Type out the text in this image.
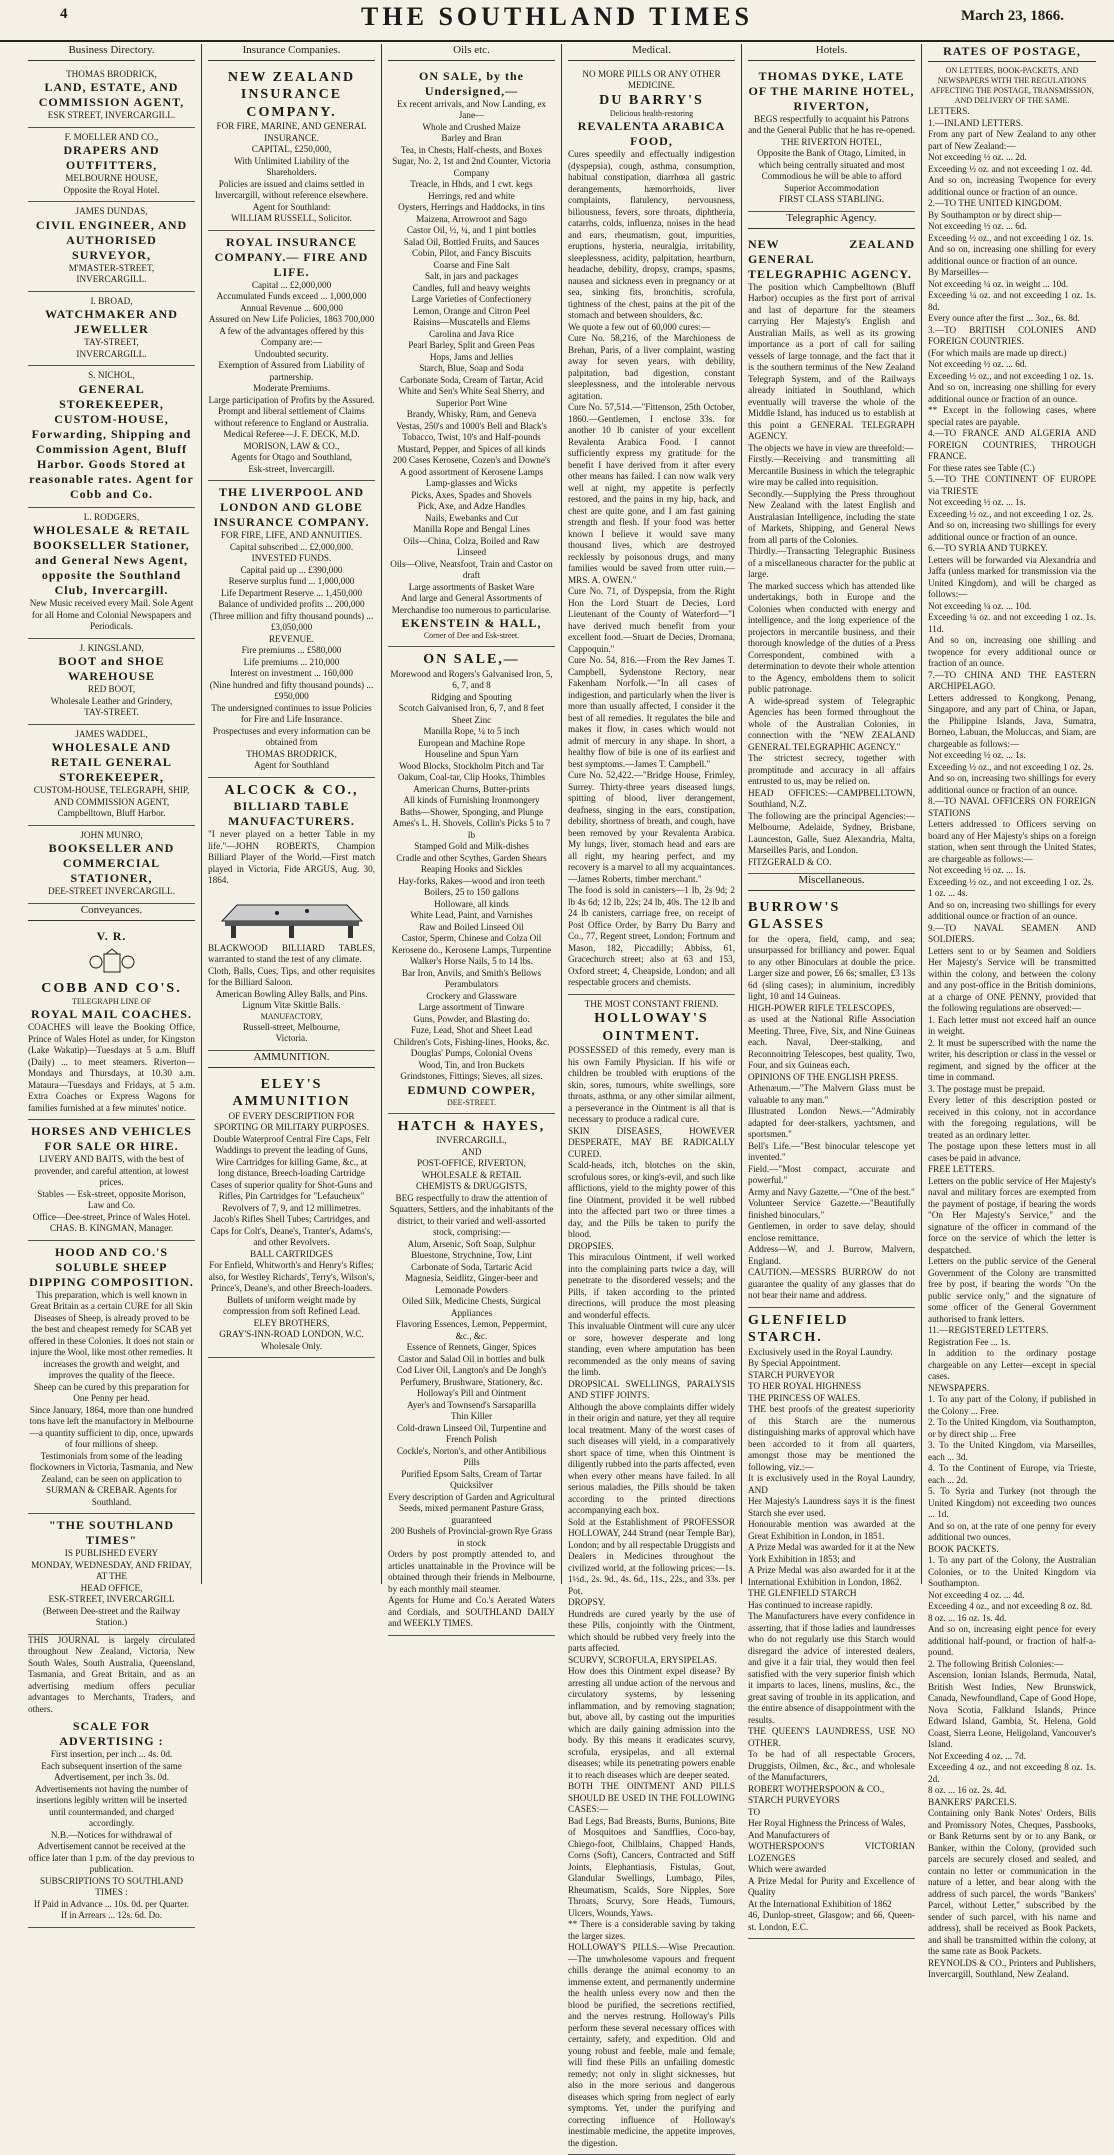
4	THE SOUTHLAND TIMES	March 23, 1866.
Business Directory.
THOMAS BRODRICK,
LAND, ESTATE, AND COMMISSION AGENT,
ESK STREET, INVERCARGILL.
F. MOELLER AND CO.,
DRAPERS AND OUTFITTERS,
MELBOURNE HOUSE,
Opposite the Royal Hotel.
JAMES DUNDAS,
CIVIL ENGINEER, AND AUTHORISED SURVEYOR,
M'MASTER-STREET,
INVERCARGILL.
I. BROAD,
WATCHMAKER AND JEWELLER
TAY-STREET,
INVERCARGILL.
S. NICHOL,
GENERAL STOREKEEPER, CUSTOM-HOUSE, Forwarding, Shipping and Commission Agent, Bluff Harbor. Goods Stored at reasonable rates. Agent for Cobb and Co.
L. RODGERS,
WHOLESALE & RETAIL BOOKSELLER Stationer, and General News Agent, opposite the Southland Club, Invercargill.
New Music received every Mail. Sole Agent for all Home and Colonial Newspapers and Periodicals.
J. KINGSLAND,
BOOT and SHOE WAREHOUSE
RED BOOT,
Wholesale Leather and Grindery,
TAY-STREET.
JAMES WADDEL,
WHOLESALE AND RETAIL GENERAL STOREKEEPER,
CUSTOM-HOUSE, TELEGRAPH, SHIP, AND COMMISSION AGENT,
Campbelltown, Bluff Harbor.
JOHN MUNRO,
BOOKSELLER AND COMMERCIAL STATIONER,
DEE-STREET INVERCARGILL.
Conveyances.
V. R.
COBB AND CO'S.
TELEGRAPH LINE OF
ROYAL MAIL COACHES.
COACHES will leave the Booking Office, Prince of Wales Hotel as under, for Kingston (Lake Wakatip)—Tuesdays at 5 a.m. Bluff (Daily) ... to meet steamers. Riverton—Mondays and Thursdays, at 10.30 a.m. Mataura—Tuesdays and Fridays, at 5 a.m. Extra Coaches or Express Wagons for families furnished at a few minutes' notice.
HORSES AND VEHICLES FOR SALE OR HIRE.
LIVERY AND BAITS, with the best of provender, and careful attention, at lowest prices.
Stables — Esk-street, opposite Morison, Law and Co.
Office—Dee-street, Prince of Wales Hotel.
CHAS. B. KINGMAN, Manager.
HOOD AND CO.'S SOLUBLE SHEEP DIPPING COMPOSITION.
This preparation, which is well known in Great Britain as a certain CURE for all Skin Diseases of Sheep, is already proved to be the best and cheapest remedy for SCAB yet offered in these Colonies. It does not stain or injure the Wool, like most other remedies. It increases the growth and weight, and improves the quality of the fleece.
Sheep can be cured by this preparation for One Penny per head.
Since January, 1864, more than one hundred tons have left the manufactory in Melbourne—a quantity sufficient to dip, once, upwards of four millions of sheep.
Testimonials from some of the leading flockowners in Victoria, Tasmania, and New Zealand, can be seen on application to
SURMAN & CREBAR. Agents for Southland.
"THE SOUTHLAND TIMES"
IS PUBLISHED EVERY
MONDAY, WEDNESDAY, AND FRIDAY,
AT THE
HEAD OFFICE,
ESK-STREET, INVERCARGILL
(Between Dee-street and the Railway Station.)
THIS JOURNAL is largely circulated throughout New Zealand, Victoria, New South Wales, South Australia, Queensland, Tasmania, and Great Britain, and as an advertising medium offers peculiar advantages to Merchants, Traders, and others.
SCALE FOR ADVERTISING :
First insertion, per inch ... 4s. 0d.
Each subsequent insertion of the same Advertisement, per inch 3s. 0d.
Advertisements not having the number of insertions legibly written will be inserted until countermanded, and charged accordingly.
N.B.—Notices for withdrawal of Advertisement cannot be received at the office later than 1 p.m. of the day previous to publication.
SUBSCRIPTIONS TO SOUTHLAND TIMES :
If Paid in Advance ... 10s. 0d. per Quarter.
If in Arrears ... 12s. 6d. Do.
Insurance Companies.
NEW ZEALAND INSURANCE COMPANY.
FOR FIRE, MARINE, AND GENERAL INSURANCE.
CAPITAL, £250,000,
With Unlimited Liability of the Shareholders.
Policies are issued and claims settled in Invercargill, without reference elsewhere.
Agent for Southland:
WILLIAM RUSSELL, Solicitor.
ROYAL INSURANCE COMPANY.— FIRE AND LIFE.
Capital ... £2,000,000
Accumulated Funds exceed ... 1,000,000
Annual Revenue ... 600,000
Assured on New Life Policies, 1863 700,000
A few of the advantages offered by this Company are:—
Undoubted security.
Exemption of Assured from Liability of partnership.
Moderate Premiums.
Large participation of Profits by the Assured.
Prompt and liberal settlement of Claims without reference to England or Australia.
Medical Referee—J. F. DECK, M.D.
MORISON, LAW & CO.,
Agents for Otago and Southland,
Esk-street, Invercargill.
THE LIVERPOOL AND LONDON AND GLOBE INSURANCE COMPANY.
FOR FIRE, LIFE, AND ANNUITIES.
Capital subscribed ... £2,000,000.
INVESTED FUNDS.
Capital paid up ... £390,000
Reserve surplus fund ... 1,000,000
Life Department Reserve ... 1,450,000
Balance of undivided profits ... 200,000
(Three million and fifty thousand pounds) ... £3,050,000
REVENUE.
Fire premiums ... £580,000
Life premiums ... 210,000
Interest on investment ... 160,000
(Nine hundred and fifty thousand pounds) ... £950,000
The undersigned continues to issue Policies for Fire and Life Insurance.
Prospectuses and every information can be obtained from
THOMAS BRODRICK,
Agent for Southland
ALCOCK & CO.,
BILLIARD TABLE MANUFACTURERS.
"I never played on a better Table in my life."—JOHN ROBERTS, Champion Billiard Player of the World.—First match played in Victoria, Fide ARGUS, Aug. 30, 1864.
BLACKWOOD BILLIARD TABLES, warranted to stand the test of any climate.
Cloth, Balls, Cues, Tips, and other requisites for the Billiard Saloon.
American Bowling Alley Balls, and Pins.
Lignum Vitæ Skittle Balls.
MANUFACTORY,
Russell-street, Melbourne,
Victoria.
AMMUNITION.
ELEY'S AMMUNITION
OF EVERY DESCRIPTION FOR SPORTING OR MILITARY PURPOSES.
Double Waterproof Central Fire Caps, Felt Waddings to prevent the leading of Guns, Wire Cartridges for killing Game, &c., at long distance, Breech-loading Cartridge Cases of superior quality for Shot-Guns and Rifles, Pin Cartridges for "Lefaucheux" Revolvers of 7, 9, and 12 millimetres.
Jacob's Rifles Shell Tubes; Cartridges, and Caps for Colt's, Deane's, Tranter's, Adams's, and other Revolvers.
BALL CARTRIDGES
For Enfield, Whitworth's and Henry's Rifles; also, for Westley Richards', Terry's, Wilson's, Prince's, Deane's, and other Breech-loaders.
Bullets of uniform weight made by compression from soft Refined Lead.
ELEY BROTHERS,
GRAY'S-INN-ROAD LONDON, W.C.
Wholesale Only.
Oils etc.
ON SALE, by the Undersigned,—
Ex recent arrivals, and Now Landing, ex Jane—
Whole and Crushed Maize
Barley and Bran
Tea, in Chests, Half-chests, and Boxes
Sugar, No. 2, 1st and 2nd Counter, Victoria Company
Treacle, in Hhds, and 1 cwt. kegs
Herrings, red and white
Oysters, Herrings and Haddocks, in tins
Maizena, Arrowroot and Sago
Castor Oil, ½, ¼, and 1 pint bottles
Salad Oil, Bottled Fruits, and Sauces
Cobin, Pilot, and Fancy Biscuits
Coarse and Fine Salt
Salt, in jars and packages
Candles, full and heavy weights
Large Varieties of Confectionery
Lemon, Orange and Citron Peel
Raisins—Muscatells and Elems
Carolina and Java Rice
Pearl Barley, Split and Green Peas
Hops, Jams and Jellies
Starch, Blue, Soap and Soda
Carbonate Soda, Cream of Tartar, Acid
White and Sen's White Seal Sherry, and Superior Port Wine
Brandy, Whisky, Rum, and Geneva
Vestas, 250's and 1000's Bell and Black's
Tobacco, Twist, 10's and Half-pounds
Mustard, Pepper, and Spices of all kinds
200 Cases Kerosene, Cozen's and Downe's
A good assortment of Kerosene Lamps
Lamp-glasses and Wicks
Picks, Axes, Spades and Shovels
Pick, Axe, and Adze Handles
Nails, Ewebanks and Cut
Manilla Rope and Bengal Lines
Oils—China, Colza, Boiled and Raw Linseed
Oils—Olive, Neatsfoot, Train and Castor on draft
Large assortments of Basket Ware
And large and General Assortments of Merchandise too numerous to particularise.
EKENSTEIN & HALL,
Corner of Dee and Esk-street.
ON SALE,—
Morewood and Rogers's Galvanised Iron, 5, 6, 7, and 8
Ridging and Spouting
Scotch Galvanised Iron, 6, 7, and 8 feet
Sheet Zinc
Manilla Rope, ¼ to 5 inch
European and Machine Rope
Houseline and Spun Yarn
Wood Blocks, Stockholm Pitch and Tar
Oakum, Coal-tar, Clip Hooks, Thimbles
American Churns, Butter-prints
All kinds of Furnishing Ironmongery
Baths—Shower, Sponging, and Plunge
Ames's L. H. Shovels, Collin's Picks 5 to 7 lb
Stamped Gold and Milk-dishes
Cradle and other Scythes, Garden Shears
Reaping Hooks and Sickles
Hay-forks, Rakes—wood and iron teeth
Boilers, 25 to 150 gallons
Holloware, all kinds
White Lead, Paint, and Varnishes
Raw and Boiled Linseed Oil
Castor, Sperm, Chinese and Colza Oil
Kerosene do., Kerosene Lamps, Turpentine
Walker's Horse Nails, 5 to 14 lbs.
Bar Iron, Anvils, and Smith's Bellows
Perambulators
Crockery and Glassware
Large assortment of Tinware
Guns, Powder, and Blasting do.
Fuze, Lead, Shot and Sheet Lead
Children's Cots, Fishing-lines, Hooks, &c.
Douglas' Pumps, Colonial Ovens
Wood, Tin, and Iron Buckets
Grindstones, Fittings; Sieves, all sizes.
EDMUND COWPER,
DEE-STREET.
HATCH & HAYES,
INVERCARGILL,
AND
POST-OFFICE, RIVERTON,
WHOLESALE & RETAIL
CHEMISTS & DRUGGISTS,
BEG respectfully to draw the attention of Squatters, Settlers, and the inhabitants of the district, to their varied and well-assorted stock, comprising:—
Alum, Arsenic, Soft Soap, Sulphur
Bluestone, Strychnine, Tow, Lint
Carbonate of Soda, Tartaric Acid
Magnesia, Seidlitz, Ginger-beer and Lemonade Powders
Oiled Silk, Medicine Chests, Surgical Appliances
Flavoring Essences, Lemon, Peppermint, &c., &c.
Essence of Rennets, Ginger, Spices
Castor and Salad Oil in bottles and bulk
Cod Liver Oil, Langton's and De Jongh's
Perfumery, Brushware, Stationery, &c.
Holloway's Pill and Ointment
Ayer's and Townsend's Sarsaparilla
Thin Killer
Cold-drawn Linseed Oil, Turpentine and French Polish
Cockle's, Norton's, and other Antibilious Pills
Purified Epsom Salts, Cream of Tartar Quicksilver
Every description of Garden and Agricultural Seeds, mixed permanent Pasture Grass, guaranteed
200 Bushels of Provincial-grown Rye Grass in stock
Orders by post promptly attended to, and articles unattainable in the Province will be obtained through their friends in Melbourne, by each monthly mail steamer.
Agents for Hume and Co.'s Aerated Waters and Cordials, and SOUTHLAND DAILY and WEEKLY TIMES.
Medical.
NO MORE PILLS OR ANY OTHER MEDICINE.
DU BARRY'S
Delicious health-restoring
REVALENTA ARABICA FOOD,
Cures speedily and effectually indigestion (dyspepsia), cough, asthma, consumption, habitual constipation, diarrhœa all gastric derangements, hæmorrhoids, liver complaints, flatulency, nervousness, biliousness, fevers, sore throats, diphtheria, catarrhs, colds, influenza, noises in the head and ears, rheumatism, gout, impurities, eruptions, hysteria, neuralgia, irritability, sleeplessness, acidity, palpitation, heartburn, headache, debility, dropsy, cramps, spasms, nausea and sickness even in pregnancy or at sea, sinking fits, bronchitis, scrofula, tightness of the chest, pains at the pit of the stomach and between shoulders, &c.
We quote a few out of 60,000 cures:—
Cure No. 58,216, of the Marchioness de Brehan, Paris, of a liver complaint, wasting away for seven years, with debility, palpitation, bad digestion, constant sleeplessness, and the intolerable nervous agitation.
Cure No. 57,514.—"Fittenson, 25th October, 1860.—Gentlemen, I enclose 33s. for another 10 lb canister of your excellent Revalenta Arabica Food. I cannot sufficiently express my gratitude for the benefit I have derived from it after every other means has failed. I can now walk very well at night, my appetite is perfectly restored, and the pains in my hip, back, and chest are quite gone, and I am fast gaining strength and flesh. If your food was better known I believe it would save many thousand lives, which are destroyed recklessly by poisonous drugs, and many families would be saved from utter ruin.—MRS. A. OWEN."
Cure No. 71, of Dyspepsia, from the Right Hon the Lord Stuart de Decies, Lord Lieutenant of the County of Waterford—"I have derived much benefit from your excellent food.—Stuart de Decies, Dromana, Cappoquin."
Cure No. 54, 816.—From the Rev James T. Campbell, Sydenstone Rectory, near Fakenham Norfolk.—"In all cases of indigestion, and particularly when the liver is more than usually affected, I consider it the best of all remedies. It regulates the bile and makes it flow, in cases which would not admit of mercury in any shape. In short, a healthy flow of bile is one of its earliest and best symptoms.—James T. Campbell."
Cure No. 52,422.—"Bridge House, Frimley, Surrey. Thirty-three years diseased lungs, spitting of blood, liver derangement, deafness, singing in the ears, constipation, debility, shortness of breath, and cough, have been removed by your Revalenta Arabica. My lungs, liver, stomach head and ears are all right, my hearing perfect, and my recovery is a marvel to all my acquaintances.—James Roberts, timber merchant."
The food is sold in canisters—1 lb, 2s 9d; 2 lb 4s 6d; 12 lb, 22s; 24 lb, 40s. The 12 lb and 24 lb canisters, carriage free, on receipt of Post Office Order, by Barry Du Barry and Co., 77, Regent street, London; Fortnum and Mason, 182, Piccadilly; Abbiss, 61, Gracechurch street; also at 63 and 153, Oxford street; 4, Cheapside, London; and all respectable grocers and chemists.
THE MOST CONSTANT FRIEND.
HOLLOWAY'S OINTMENT.
POSSESSED of this remedy, every man is his own Family Physician. If his wife or children be troubled with eruptions of the skin, sores, tumours, white swellings, sore throats, asthma, or any other similar ailment, a perseverance in the Ointment is all that is necessary to produce a radical cure.
SKIN DISEASES, HOWEVER DESPERATE, MAY BE RADICALLY CURED.
Scald-heads, itch, blotches on the skin, scrofulous sores, or king's-evil, and such like afflictions, yield to the mighty power of this fine Ointment, provided it be well rubbed into the affected part two or three times a day, and the Pills be taken to purify the blood.
DROPSIES.
This miraculous Ointment, if well worked into the complaining parts twice a day, will penetrate to the disordered vessels; and the Pills, if taken according to the printed directions, will produce the most pleasing and wonderful effects.
This invaluable Ointment will cure any ulcer or sore, however desperate and long standing, even where amputation has been recommended as the only means of saving the limb.
DROPSICAL SWELLINGS, PARALYSIS AND STIFF JOINTS.
Although the above complaints differ widely in their origin and nature, yet they all require local treatment. Many of the worst cases of such diseases will yield, in a comparatively short space of time, when this Ointment is diligently rubbed into the parts affected, even when every other means have failed. In all serious maladies, the Pills should be taken according to the printed directions accompanying each box.
Sold at the Establishment of PROFESSOR HOLLOWAY, 244 Strand (near Temple Bar), London; and by all respectable Druggists and Dealers in Medicines throughout the civilized world, at the following prices:—1s. 1½d., 2s. 9d., 4s. 6d., 11s., 22s., and 33s. per Pot.
DROPSY.
Hundreds are cured yearly by the use of these Pills, conjointly with the Ointment, which should be rubbed very freely into the parts affected.
SCURVY, SCROFULA, ERYSIPELAS.
How does this Ointment expel disease? By arresting all undue action of the nervous and circulatory systems, by lessening inflammation, and by removing stagnation; but, above all, by casting out the impurities which are daily gaining admission into the body. By this means it eradicates scurvy, scrofula, erysipelas, and all external diseases; while its penetrating powers enable it to reach diseases which are deeper seated.
BOTH THE OINTMENT AND PILLS SHOULD BE USED IN THE FOLLOWING CASES:—
Bad Legs, Bad Breasts, Burns, Bunions, Bite of Mosquitoes and Sandflies, Coco-bay, Chiego-foot, Chilblains, Chapped Hands, Corns (Soft), Cancers, Contracted and Stiff Joints, Elephantiasis, Fistulas, Gout, Glandular Swellings, Lumbago, Piles, Rheumatism, Scalds, Sore Nipples, Sore Throats, Scurvy, Sore Heads, Tumours, Ulcers, Wounds, Yaws.
** There is a considerable saving by taking the larger sizes.
HOLLOWAY'S PILLS.—Wise Precaution.—The unwholesome vapours and frequent chills derange the animal economy to an immense extent, and permanently undermine the health unless every now and then the blood be purified, the secretions rectified, and the nerves restrung. Holloway's Pills perform these several necessary offices with certainty, safety, and expedition. Old and young robust and feeble, male and female, will find these Pills an unfailing domestic remedy; not only in slight sicknesses, but also in the more serious and dangerous diseases which spring from neglect of early symptoms. Yet, under the purifying and correcting influence of Holloway's inestimable medicine, the appetite improves, the digestion.
Hotels.
THOMAS DYKE, LATE OF THE MARINE HOTEL, RIVERTON,
BEGS respectfully to acquaint his Patrons and the General Public that he has re-opened.
THE RIVERTON HOTEL,
Opposite the Bank of Otago, Limited, in which being centrally situated and most Commodious he will be able to afford Superior Accommodation
FIRST CLASS STABLING.
Telegraphic Agency.
NEW ZEALAND GENERAL TELEGRAPHIC AGENCY.
The position which Campbelltown (Bluff Harbor) occupies as the first port of arrival and last of departure for the steamers carrying Her Majesty's English and Australian Mails, as well as its growing importance as a port of call for sailing vessels of large tonnage, and the fact that it is the southern terminus of the New Zealand Telegraph System, and of the Railways already initiated in Southland, which eventually will traverse the whole of the Middle Island, has induced us to establish at this point a GENERAL TELEGRAPH AGENCY.
The objects we have in view are threefold:—
Firstly.—Receiving and transmitting all Mercantile Business in which the telegraphic wire may be called into requisition.
Secondly.—Supplying the Press throughout New Zealand with the latest English and Australasian Intelligence, including the state of Markets, Shipping, and General News from all parts of the Colonies.
Thirdly.—Transacting Telegraphic Business of a miscellaneous character for the public at large.
The marked success which has attended like undertakings, both in Europe and the Colonies when conducted with energy and intelligence, and the long experience of the projectors in mercantile business, and their thorough knowledge of the duties of a Press Correspondent, combined with a determination to devote their whole attention to the Agency, emboldens them to solicit public patronage.
A wide-spread system of Telegraphic Agencies has been formed throughout the whole of the Australian Colonies, in connection with the "NEW ZEALAND GENERAL TELEGRAPHIC AGENCY."
The strictest secrecy, together with promptitude and accuracy in all affairs entrusted to us, may be relied on.
HEAD OFFICES:—CAMPBELLTOWN, Southland, N.Z.
The following are the principal Agencies:— Melbourne, Adelaide, Sydney, Brisbane, Launceston, Galle, Suez Alexandria, Malta, Marseilles Paris, and London.
FITZGERALD & CO.
Miscellaneous.
BURROW'S GLASSES
for the opera, field, camp, and sea; unsurpassed for brilliancy and power. Equal to any other Binoculars at double the price. Larger size and power, £6 6s; smaller, £3 13s 6d (sling cases); in aluminium, incredibly light, 10 and 14 Guineas.
HIGH-POWER RIFLE TELESCOPES,
as used at the National Rifle Association Meeting. Three, Five, Six, and Nine Guineas each. Naval, Deer-stalking, and Reconnoitring Telescopes, best quality, Two, Four, and six Guineas each.
OPINIONS OF THE ENGLISH PRESS.
Athenæum.—"The Malvern Glass must be valuable to any man."
Illustrated London News.—"Admirably adapted for deer-stalkers, yachtsmen, and sportsmen."
Bell's Life.—"Best binocular telescope yet invented."
Field.—"Most compact, accurate and powerful."
Army and Navy Gazette.—"One of the best."
Volunteer Service Gazette.—"Beautifully finished binoculars."
Gentlemen, in order to save delay, should enclose remittance.
Address—W. and J. Burrow, Malvern, England.
CAUTION.—MESSRS BURROW do not guarantee the quality of any glasses that do not bear their name and address.
GLENFIELD STARCH.
Exclusively used in the Royal Laundry.
By Special Appointment.
STARCH PURVEYOR
TO HER ROYAL HIGHNESS
THE PRINCESS OF WALES.
THE best proofs of the greatest superiority of this Starch are the numerous distinguishing marks of approval which have been accorded to it from all quarters, amongst those may be mentioned the following, viz.:—
It is exclusively used in the Royal Laundry, AND
Her Majesty's Laundress says it is the finest Starch she ever used.
Honourable mention was awarded at the Great Exhibition in London, in 1851.
A Prize Medal was awarded for it at the New York Exhibition in 1853; and
A Prize Medal was also awarded for it at the International Exhibition in London, 1862.
THE GLENFIELD STARCH
Has continued to increase rapidly.
The Manufacturers have every confidence in asserting, that if those ladies and laundresses who do not regularly use this Starch would disregard the advice of interested dealers, and give it a fair trial, they would then feel satisfied with the very superior finish which it imparts to laces, linens, muslins, &c., the great saving of trouble in its application, and the entire absence of disappointment with the results.
THE QUEEN'S LAUNDRESS, USE NO OTHER.
To be had of all respectable Grocers, Druggists, Oilmen, &c., &c., and wholesale of the Manufacturers,
ROBERT WOTHERSPOON & CO.,
STARCH PURVEYORS
TO
Her Royal Highness the Princess of Wales,
And Manufacturers of
WOTHERSPOON'S VICTORIAN LOZENGES
Which were awarded
A Prize Medal for Purity and Excellence of Quality
At the International Exhibition of 1862
46, Dunlop-street, Glasgow; and 66, Queen-st. London, E.C.
RATES OF POSTAGE,
ON LETTERS, BOOK-PACKETS, AND NEWSPAPERS WITH THE REGULATIONS AFFECTING THE POSTAGE, TRANSMISSION, AND DELIVERY OF THE SAME.
LETTERS.
1.—INLAND LETTERS.
From any part of New Zealand to any other part of New Zealand:—
Not exceeding ½ oz. ... 2d.
Exceeding ½ oz. and not exceeding 1 oz. 4d.
And so on, increasing Twopence for every additional ounce or fraction of an ounce.
2.—TO THE UNITED KINGDOM.
By Southampton or by direct ship—
Not exceeding ½ oz. ... 6d.
Exceeding ½ oz., and not exceeding 1 oz. 1s.
And so on, increasing one shilling for every additional ounce or fraction of an ounce.
By Marseilles—
Not exceeding ¼ oz. in weight ... 10d.
Exceeding ¼ oz. and not exceeding 1 oz. 1s. 8d.
Every ounce after the first ... 3oz., 6s. 8d.
3.—TO BRITISH COLONIES AND FOREIGN COUNTRIES.
(For which mails are made up direct.)
Not exceeding ½ oz. ... 6d.
Exceeding ½ oz., and not exceeding 1 oz. 1s.
And so on, increasing one shilling for every additional ounce or fraction of an ounce.
** Except in the following cases, where special rates are payable.
4.—TO FRANCE AND ALGERIA AND FOREIGN COUNTRIES, THROUGH FRANCE.
For these rates see Table (C.)
5.—TO THE CONTINENT OF EUROPE via TRIESTE
Not exceeding ½ oz. ... 1s.
Exceeding ½ oz., and not exceeding 1 oz. 2s.
And so on, increasing two shillings for every additional ounce or fraction of an ounce.
6.—TO SYRIA AND TURKEY.
Letters will be forwarded via Alexandria and Jaffa (unless marked for transmission via the United Kingdom), and will be charged as follows:—
Not exceeding ¼ oz. ... 10d.
Exceeding ¼ oz. and not exceeding 1 oz. 1s. 11d.
And so on, increasing one shilling and twopence for every additional ounce or fraction of an ounce.
7.—TO CHINA AND THE EASTERN ARCHIPELAGO.
Letters addressed to Kongkong, Penang, Singapore, and any part of China, or Japan, the Philippine Islands, Java, Sumatra, Borneo, Labuan, the Moluccas, and Siam, are chargeable as follows:—
Not exceeding ½ oz. ... 1s.
Exceeding ½ oz., and not exceeding 1 oz. 2s.
And so on, increasing two shillings for every additional ounce or fraction of an ounce.
8.—TO NAVAL OFFICERS ON FOREIGN STATIONS
Letters addressed to Officers serving on board any of Her Majesty's ships on a foreign station, when sent through the United States, are chargeable as follows:—
Not exceeding ½ oz. ... 1s.
Exceeding ½ oz., and not exceeding 1 oz. 2s.
1 oz. ... 4s.
And so on, increasing two shillings for every additional ounce or fraction of an ounce.
9.—TO NAVAL SEAMEN AND SOLDIERS.
Letters sent to or by Seamen and Soldiers Her Majesty's Service will be transmitted within the colony, and between the colony and any post-office in the British dominions, at a charge of ONE PENNY, provided that the following regulations are observed:—
1. Each letter must not exceed half an ounce in weight.
2. It must be superscribed with the name the writer, his description or class in the vessel or regiment, and signed by the officer at the time in command.
3. The postage must be prepaid.
Every letter of this description posted or received in this colony, not in accordance with the foregoing regulations, will be treated as an ordinary letter.
The postage upon these letters must in all cases be paid in advance.
FREE LETTERS.
Letters on the public service of Her Majesty's naval and military forces are exempted from the payment of postage, if bearing the words "On Her Majesty's Service," and the signature of the officer in command of the force on the service of which the letter is despatched.
Letters on the public service of the General Government of the Colony are transmitted free by post, if bearing the words "On the public service only," and the signature of some officer of the General Government authorised to frank letters.
11.—REGISTERED LETTERS.
Registration Fee ... 1s.
In addition to the ordinary postage chargeable on any Letter—except in special cases.
NEWSPAPERS.
1. To any part of the Colony, if published in the Colony ... Free.
2. To the United Kingdom, via Southampton, or by direct ship ... Free
3. To the United Kingdom, via Marseilles, each ... 3d.
4. To the Continent of Europe, via Trieste, each ... 2d.
5. To Syria and Turkey (not through the United Kingdom) not exceeding two ounces ... 1d.
And so on, at the rate of one penny for every additional two ounces.
BOOK PACKETS.
1. To any part of the Colony, the Australian Colonies, or to the United Kingdom via Southampton.
Not exceeding 4 oz. ... 4d.
Exceeding 4 oz., and not exceeding 8 oz. 8d.
8 oz. ... 16 oz. 1s. 4d.
And so on, increasing eight pence for every additional half-pound, or fraction of half-a-pound.
2. The following British Colonies:—
Ascension, Ionian Islands, Bermuda, Natal, British West Indies, New Brunswick, Canada, Newfoundland, Cape of Good Hope, Nova Scotia, Falkland Islands, Prince Edward Island, Gambia, St. Helena, Gold Coast, Sierra Leone, Heligoland, Vancouver's Island.
Not Exceeding 4 oz. ... 7d.
Exceeding 4 oz., and not exceeding 8 oz. 1s. 2d.
8 oz. ... 16 oz. 2s. 4d.
BANKERS' PARCELS.
Containing only Bank Notes' Orders, Bills and Promissory Notes, Cheques, Passbooks, or Bank Returns sent by or to any Bank, or Banker, within the Colony, (provided such parcels are securely closed and sealed, and contain no letter or communication in the nature of a letter, and bear along with the address of such parcel, the words "Bankers' Parcel, without Letter," subscribed by the sender of such parcel, with his name and address), shall be received as Book Packets, and shall be transmitted within the colony, at the same rate as Book Packets.
REYNOLDS & CO., Printers and Publishers, Invercargill, Southland, New Zealand.
